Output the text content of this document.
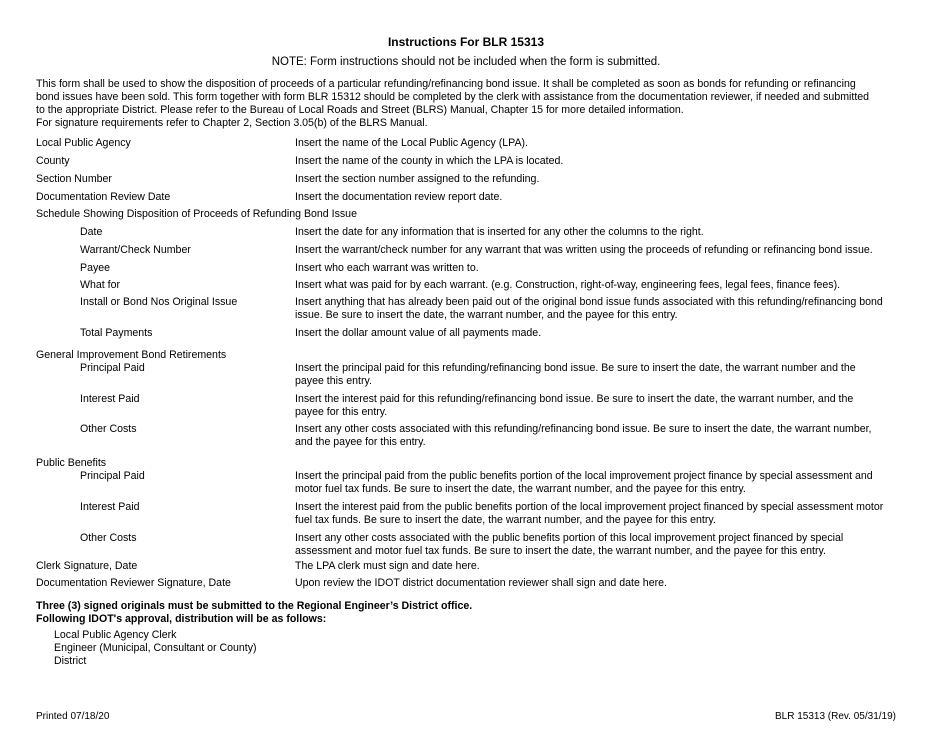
Instructions For BLR 15313
NOTE: Form instructions should not be included when the form is submitted.
This form shall be used to show the disposition of proceeds of a particular refunding/refinancing bond issue. It shall be completed as soon as bonds for refunding or refinancing
bond issues have been sold. This form together with form BLR 15312 should be completed by the clerk with assistance from the documentation reviewer, if needed and submitted
to the appropriate District. Please refer to the Bureau of Local Roads and Street (BLRS) Manual, Chapter 15 for more detailed information.
For signature requirements refer to Chapter 2, Section 3.05(b) of the BLRS Manual.
Local Public Agency	Insert the name of the Local Public Agency (LPA).
County	Insert the name of the county in which the LPA is located.
Section Number	Insert the section number assigned to the refunding.
Documentation Review Date	Insert the documentation review report date.
Schedule Showing Disposition of Proceeds of Refunding Bond Issue
Date	Insert the date for any information that is inserted for any other the columns to the right.
Warrant/Check Number	Insert the warrant/check number for any warrant that was written using the proceeds of refunding or refinancing bond issue.
Payee	Insert who each warrant was written to.
What for	Insert what was paid for by each warrant. (e.g. Construction, right-of-way, engineering fees, legal fees, finance fees).
Install or Bond Nos Original Issue	Insert anything that has already been paid out of the original bond issue funds associated with this refunding/refinancing bond
issue. Be sure to insert the date, the warrant number, and the payee for this entry.
Total Payments	Insert the dollar amount value of all payments made.
General Improvement Bond Retirements
Principal Paid	Insert the principal paid for this refunding/refinancing bond issue. Be sure to insert the date, the warrant number and the
payee this entry.
Interest Paid	Insert the interest paid for this refunding/refinancing bond issue. Be sure to insert the date, the warrant number, and the
payee for this entry.
Other Costs	Insert any other costs associated with this refunding/refinancing bond issue. Be sure to insert the date, the warrant number,
and the payee for this entry.
Public Benefits
Principal Paid	Insert the principal paid from the public benefits portion of the local improvement project finance by special assessment and
motor fuel tax funds. Be sure to insert the date, the warrant number, and the payee for this entry.
Interest Paid	Insert the interest paid from the public benefits portion of the local improvement project financed by special assessment motor
fuel tax funds. Be sure to insert the date, the warrant number, and the payee for this entry.
Other Costs	Insert any other costs associated with the public benefits portion of this local improvement project financed by special
assessment and motor fuel tax funds. Be sure to insert the date, the warrant number, and the payee for this entry.
Clerk Signature, Date	The LPA clerk must sign and date here.
Documentation Reviewer Signature, Date	Upon review the IDOT district documentation reviewer shall sign and date here.
Three (3) signed originals must be submitted to the Regional Engineer’s District office.
Following IDOT's approval, distribution will be as follows:
Local Public Agency Clerk
Engineer (Municipal, Consultant or County)
District
Printed 07/18/20	BLR 15313 (Rev. 05/31/19)
